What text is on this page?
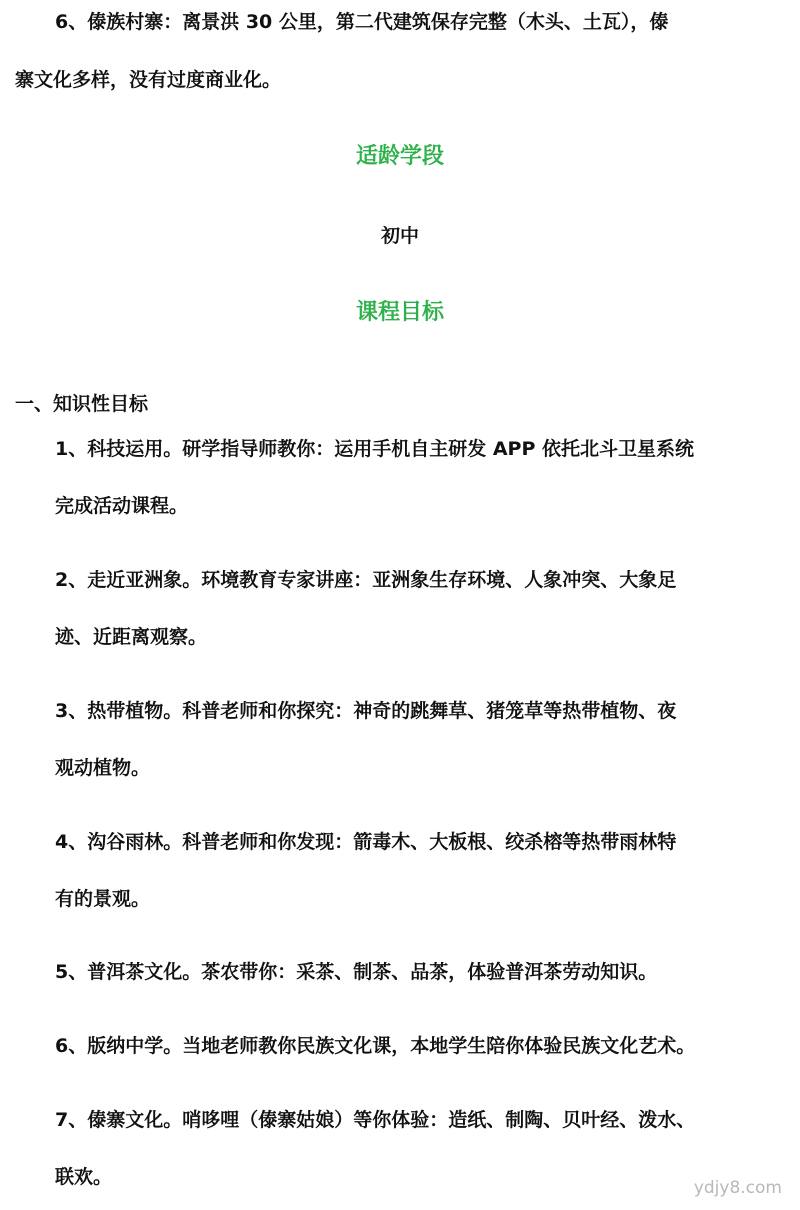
6、傣族村寨：离景洪 30 公里，第二代建筑保存完整（木头、土瓦），傣
寨文化多样，没有过度商业化。
适龄学段
初中
课程目标
一、知识性目标
1、科技运用。研学指导师教你：运用手机自主研发 APP 依托北斗卫星系统
完成活动课程。
2、走近亚洲象。环境教育专家讲座：亚洲象生存环境、人象冲突、大象足
迹、近距离观察。
3、热带植物。科普老师和你探究：神奇的跳舞草、猪笼草等热带植物、夜
观动植物。
4、沟谷雨林。科普老师和你发现：箭毒木、大板根、绞杀榕等热带雨林特
有的景观。
5、普洱茶文化。茶农带你：采茶、制茶、品茶，体验普洱茶劳动知识。
6、版纳中学。当地老师教你民族文化课，本地学生陪你体验民族文化艺术。
7、傣寨文化。哨哆哩（傣寨姑娘）等你体验：造纸、制陶、贝叶经、泼水、
联欢。	ydjy8.com
